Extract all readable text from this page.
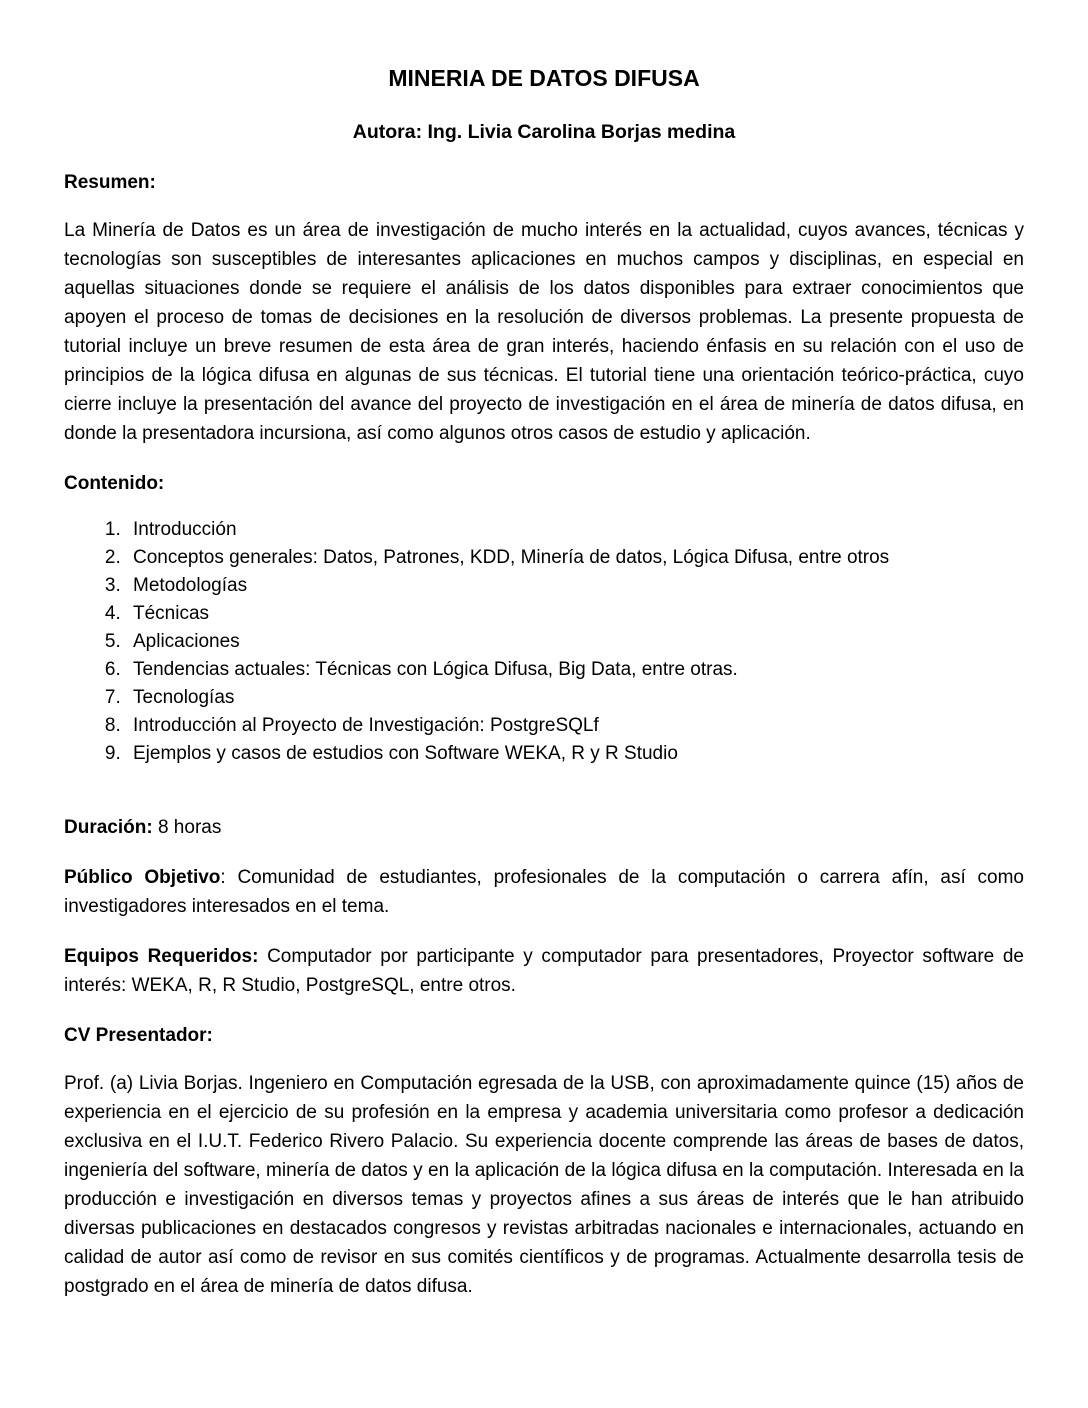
MINERIA DE DATOS DIFUSA
Autora: Ing. Livia Carolina Borjas medina
Resumen:

La Minería de Datos es un área de investigación de mucho interés en la actualidad, cuyos avances, técnicas y tecnologías son susceptibles de interesantes aplicaciones en muchos campos y disciplinas, en especial en aquellas situaciones donde se requiere el análisis de los datos disponibles para extraer conocimientos que apoyen el proceso de tomas de decisiones en la resolución de diversos problemas. La presente propuesta de tutorial incluye un breve resumen de esta área de gran interés, haciendo énfasis en su relación con el uso de principios de la lógica difusa en algunas de sus técnicas. El tutorial tiene una orientación teórico-práctica, cuyo cierre incluye la presentación del avance del proyecto de investigación en el área de minería de datos difusa, en donde la presentadora incursiona, así como algunos otros casos de estudio y aplicación.

Contenido:
1. Introducción
2. Conceptos generales: Datos, Patrones, KDD, Minería de datos, Lógica Difusa, entre otros
3. Metodologías
4. Técnicas
5. Aplicaciones
6. Tendencias actuales: Técnicas con Lógica Difusa, Big Data, entre otras.
7. Tecnologías
8. Introducción al Proyecto de Investigación: PostgreSQLf
9. Ejemplos y casos de estudios con Software WEKA, R y R Studio

Duración: 8 horas

Público Objetivo: Comunidad de estudiantes, profesionales de la computación o carrera afín, así como investigadores interesados en el tema.

Equipos Requeridos: Computador por participante y computador para presentadores, Proyector software de interés: WEKA, R, R Studio, PostgreSQL, entre otros.

CV Presentador:

Prof. (a) Livia Borjas. Ingeniero en Computación egresada de la USB, con aproximadamente quince (15) años de experiencia en el ejercicio de su profesión en la empresa y academia universitaria como profesor a dedicación exclusiva en el I.U.T. Federico Rivero Palacio. Su experiencia docente comprende las áreas de bases de datos, ingeniería del software, minería de datos y en la aplicación de la lógica difusa en la computación. Interesada en la producción e investigación en diversos temas y proyectos afines a sus áreas de interés que le han atribuido diversas publicaciones en destacados congresos y revistas arbitradas nacionales e internacionales, actuando en calidad de autor así como de revisor en sus comités científicos y de programas. Actualmente desarrolla tesis de postgrado en el área de minería de datos difusa.
